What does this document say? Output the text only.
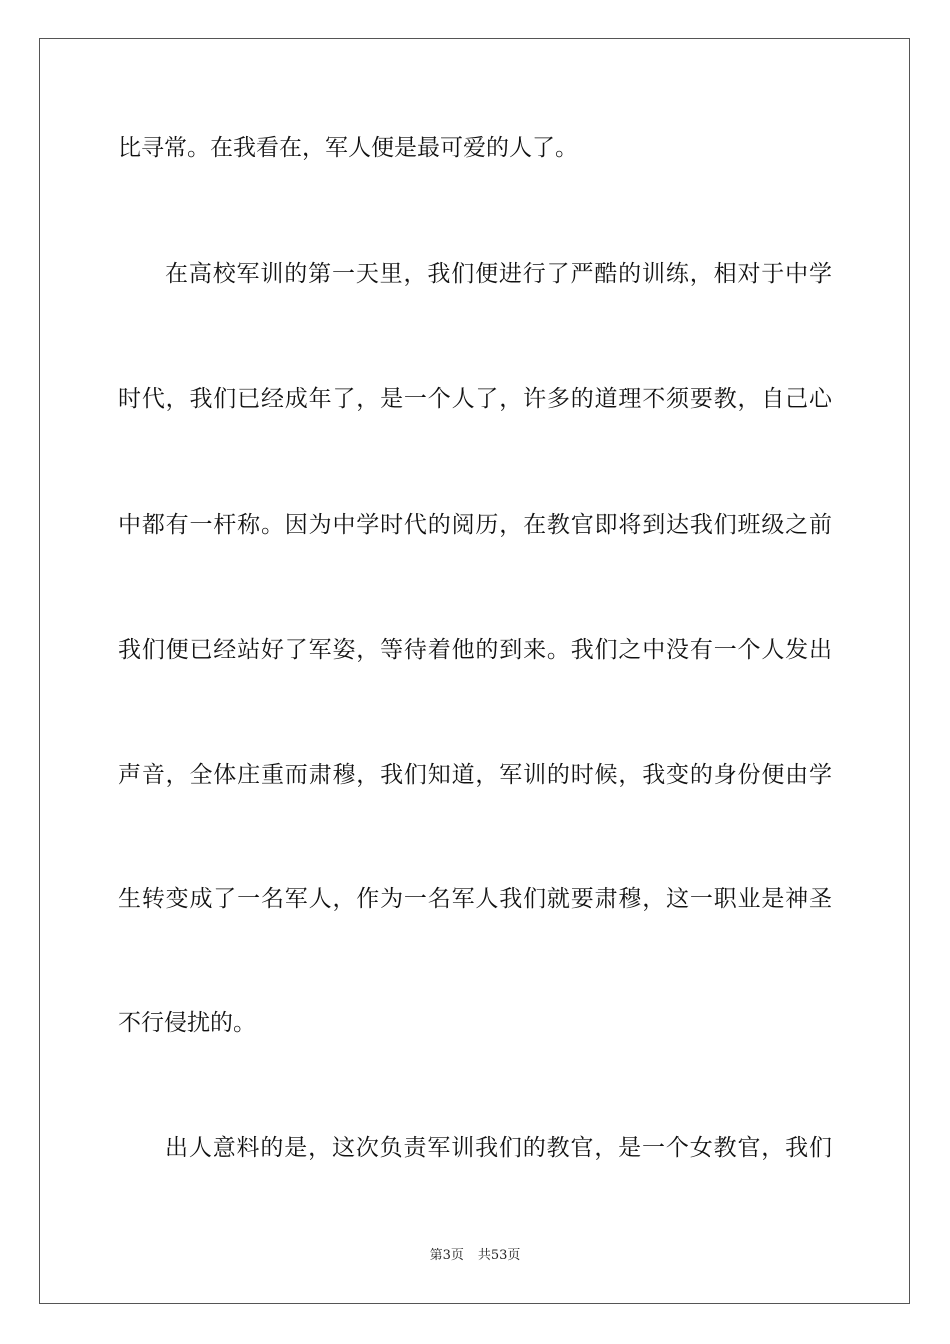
比寻常。在我看在，军人便是最可爱的人了。
在高校军训的第一天里，我们便进行了严酷的训练，相对于中学
时代，我们已经成年了，是一个人了，许多的道理不须要教，自己心
中都有一杆称。因为中学时代的阅历，在教官即将到达我们班级之前
我们便已经站好了军姿，等待着他的到来。我们之中没有一个人发出
声音，全体庄重而肃穆，我们知道，军训的时候，我变的身份便由学
生转变成了一名军人，作为一名军人我们就要肃穆，这一职业是神圣
不行侵扰的。
出人意料的是，这次负责军训我们的教官，是一个女教官，我们
第3页 共53页
